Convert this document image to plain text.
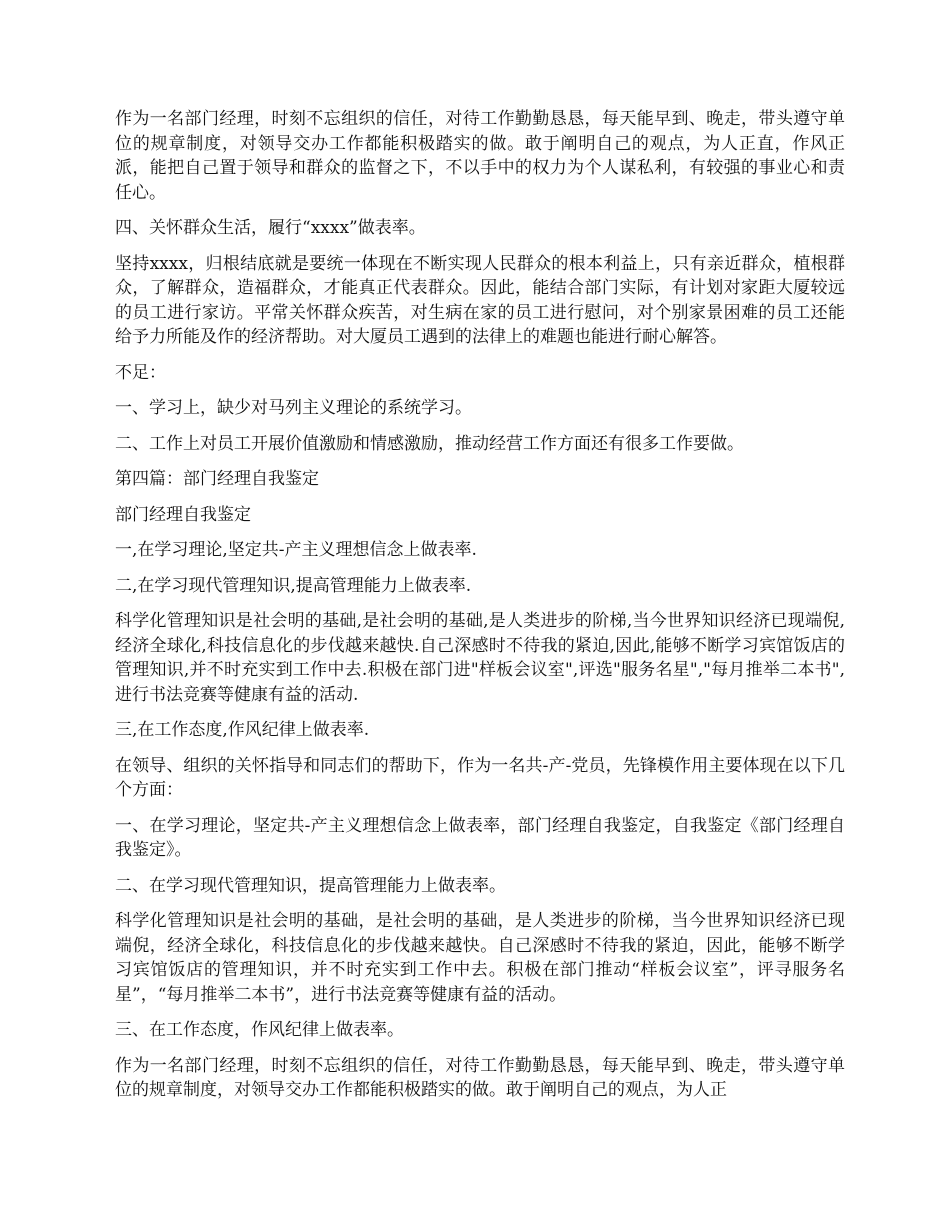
作为一名部门经理，时刻不忘组织的信任，对待工作勤勤恳恳，每天能早到、晚走，带头遵守单位的规章制度，对领导交办工作都能积极踏实的做。敢于阐明自己的观点，为人正直，作风正派，能把自己置于领导和群众的监督之下，不以手中的权力为个人谋私利，有较强的事业心和责任心。

四、关怀群众生活，履行“xxxx”做表率。

坚持xxxx，归根结底就是要统一体现在不断实现人民群众的根本利益上，只有亲近群众，植根群众，了解群众，造福群众，才能真正代表群众。因此，能结合部门实际，有计划对家距大厦较远的员工进行家访。平常关怀群众疾苦，对生病在家的员工进行慰问，对个别家景困难的员工还能给予力所能及作的经济帮助。对大厦员工遇到的法律上的难题也能进行耐心解答。

不足：

一、学习上，缺少对马列主义理论的系统学习。

二、工作上对员工开展价值激励和情感激励，推动经营工作方面还有很多工作要做。

第四篇：部门经理自我鉴定

部门经理自我鉴定

一,在学习理论,坚定共-产主义理想信念上做表率.

二,在学习现代管理知识,提高管理能力上做表率.

科学化管理知识是社会明的基础,是社会明的基础,是人类进步的阶梯,当今世界知识经济已现端倪,经济全球化,科技信息化的步伐越来越快.自己深感时不待我的紧迫,因此,能够不断学习宾馆饭店的管理知识,并不时充实到工作中去.积极在部门进"样板会议室",评选"服务名星","每月推举二本书",进行书法竞赛等健康有益的活动.

三,在工作态度,作风纪律上做表率.

在领导、组织的关怀指导和同志们的帮助下，作为一名共-产-党员，先锋模作用主要体现在以下几个方面：

一、在学习理论，坚定共-产主义理想信念上做表率，部门经理自我鉴定，自我鉴定《部门经理自我鉴定》。

二、在学习现代管理知识，提高管理能力上做表率。

科学化管理知识是社会明的基础，是社会明的基础，是人类进步的阶梯，当今世界知识经济已现端倪，经济全球化，科技信息化的步伐越来越快。自己深感时不待我的紧迫，因此，能够不断学习宾馆饭店的管理知识，并不时充实到工作中去。积极在部门推动“样板会议室”，评寻服务名星”，“每月推举二本书”，进行书法竞赛等健康有益的活动。

三、在工作态度，作风纪律上做表率。

作为一名部门经理，时刻不忘组织的信任，对待工作勤勤恳恳，每天能早到、晚走，带头遵守单位的规章制度，对领导交办工作都能积极踏实的做。敢于阐明自己的观点，为人正
